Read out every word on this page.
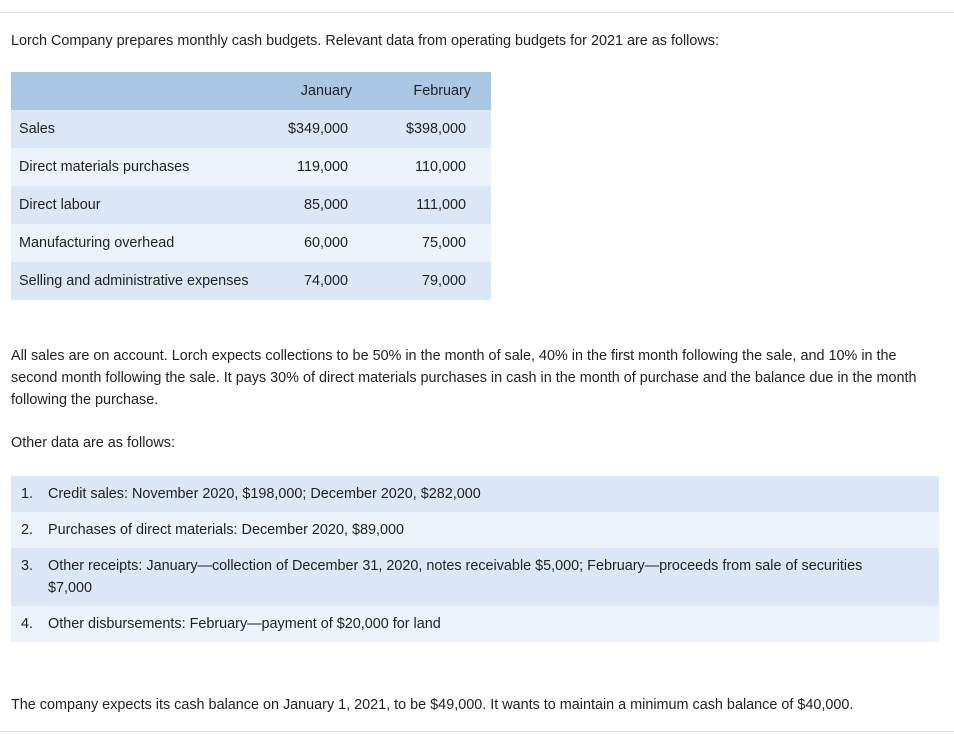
Lorch Company prepares monthly cash budgets. Relevant data from operating budgets for 2021 are as follows:

	January	February
Sales	$349,000	$398,000
Direct materials purchases	119,000	110,000
Direct labour	85,000	111,000
Manufacturing overhead	60,000	75,000
Selling and administrative expenses	74,000	79,000

All sales are on account. Lorch expects collections to be 50% in the month of sale, 40% in the first month following the sale, and 10% in the second month following the sale. It pays 30% of direct materials purchases in cash in the month of purchase and the balance due in the month following the purchase.

Other data are as follows:

1.	Credit sales: November 2020, $198,000; December 2020, $282,000
2.	Purchases of direct materials: December 2020, $89,000
3.	Other receipts: January—collection of December 31, 2020, notes receivable $5,000; February—proceeds from sale of securities $7,000
4.	Other disbursements: February—payment of $20,000 for land

The company expects its cash balance on January 1, 2021, to be $49,000. It wants to maintain a minimum cash balance of $40,000.
